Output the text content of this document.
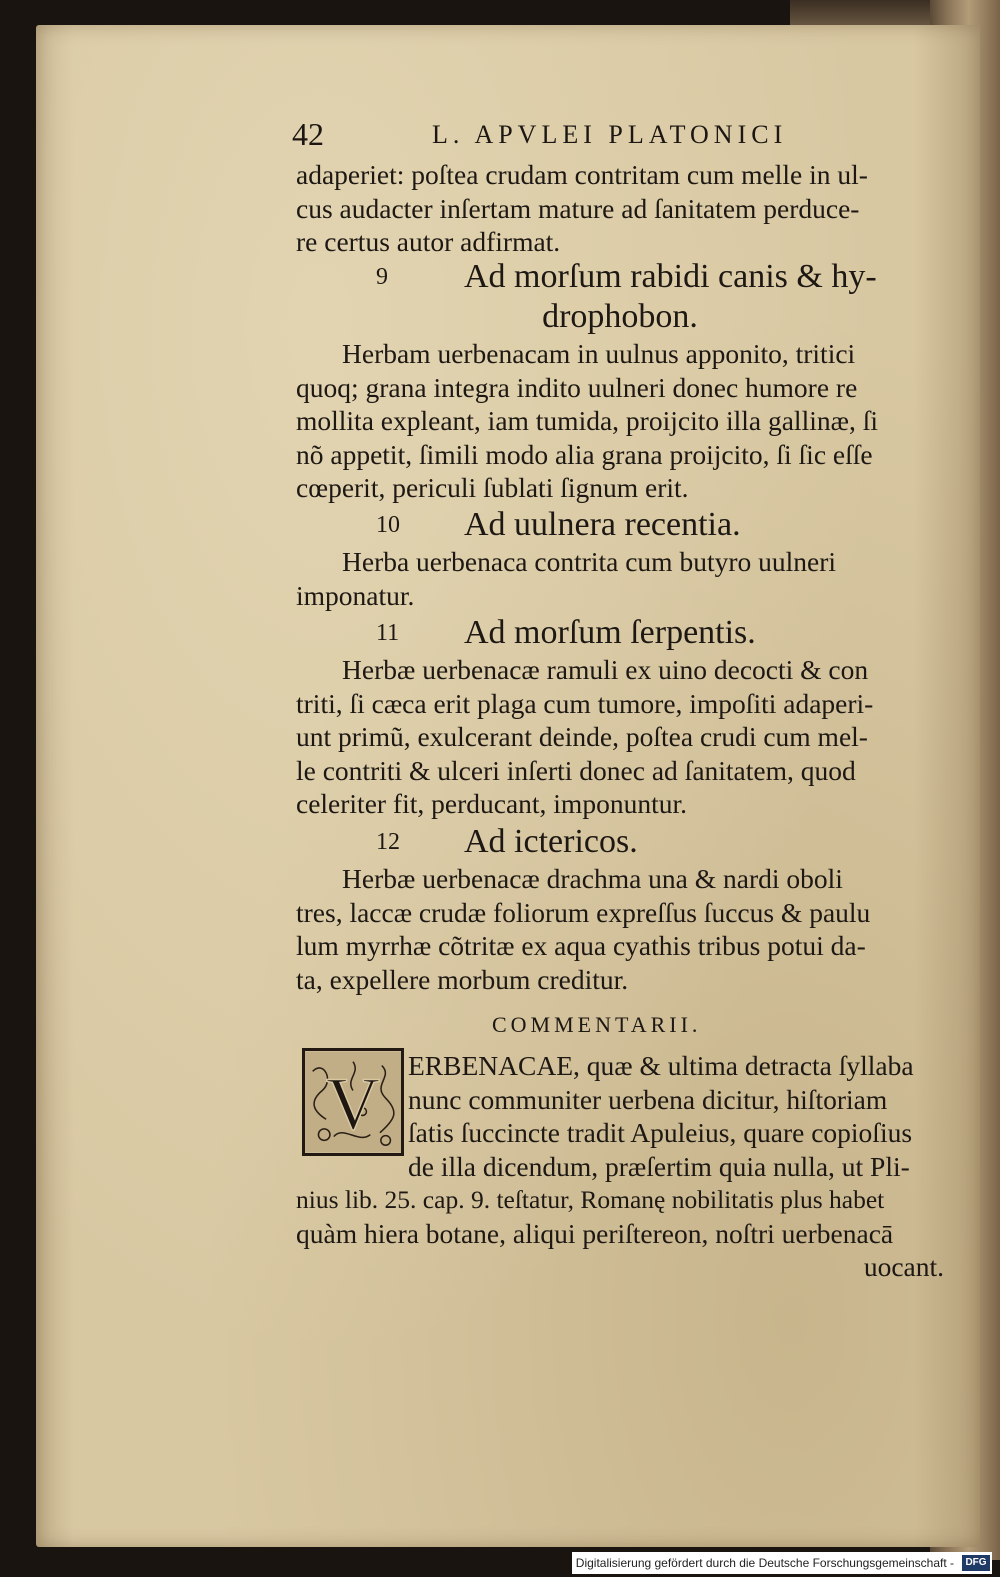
42	L. APVLEI PLATONICI
adaperiet: poſtea crudam contritam cum melle in ul-
cus audacter inſertam mature ad ſanitatem perduce-
re certus autor adfirmat.
9 Ad morſum rabidi canis & hy-
drophobon.
Herbam uerbenacam in uulnus apponito, tritici
quoq; grana integra indito uulneri donec humore re
mollita expleant, iam tumida, proijcito illa gallinæ, ſi
nõ appetit, ſimili modo alia grana proijcito, ſi ſic eſſe
cœperit, periculi ſublati ſignum erit.
10 Ad uulnera recentia.
Herba uerbenaca contrita cum butyro uulneri
imponatur.
11 Ad morſum ſerpentis.
Herbæ uerbenacæ ramuli ex uino decocti & con
triti, ſi cæca erit plaga cum tumore, impoſiti adaperi-
unt primũ, exulcerant deinde, poſtea crudi cum mel-
le contriti & ulceri inſerti donec ad ſanitatem, quod
celeriter fit, perducant, imponuntur.
12 Ad ictericos.
Herbæ uerbenacæ drachma una & nardi oboli
tres, laccæ crudæ foliorum expreſſus ſuccus & paulu
lum myrrhæ cõtritæ ex aqua cyathis tribus potui da-
ta, expellere morbum creditur.
COMMENTARII.
V ERBENACAE, quæ & ultima detracta ſyllaba
nunc communiter uerbena dicitur, hiſtoriam
ſatis ſuccincte tradit Apuleius, quare copioſius
de illa dicendum, præſertim quia nulla, ut Pli-
nius lib. 25. cap. 9. teſtatur, Romanę nobilitatis plus habet
quàm hiera botane, aliqui periſtereon, noſtri uerbenacā
uocant.
Digitalisierung gefördert durch die Deutsche Forschungsgemeinschaft -	DFG
